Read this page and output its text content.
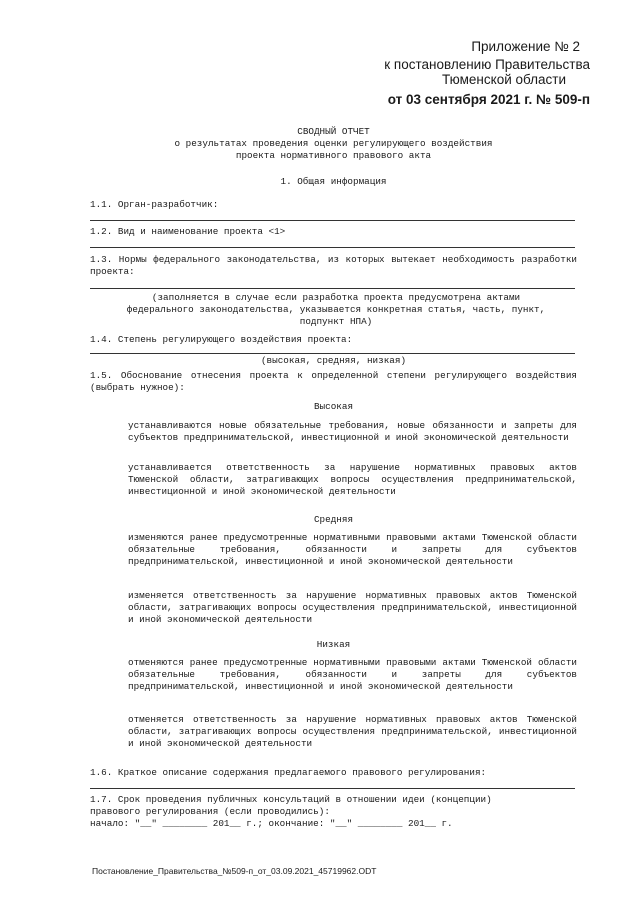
Приложение № 2
к постановлению Правительства
Тюменской области
от 03 сентября 2021 г. № 509-п
СВОДНЫЙ ОТЧЕТ
о результатах проведения оценки регулирующего воздействия
проекта нормативного правового акта
1. Общая информация
1.1. Орган-разработчик:
1.2. Вид и наименование проекта <1>
1.3. Нормы федерального законодательства, из которых вытекает необходимость разработки проекта:
(заполняется в случае если разработка проекта предусмотрена актами федерального законодательства, указывается конкретная статья, часть, пункт, подпункт НПА)
1.4. Степень регулирующего воздействия проекта:
(высокая, средняя, низкая)
1.5. Обоснование отнесения проекта к определенной степени регулирующего воздействия (выбрать нужное):
Высокая
устанавливаются новые обязательные требования, новые обязанности и запреты для субъектов предпринимательской, инвестиционной и иной экономической деятельности
устанавливается ответственность за нарушение нормативных правовых актов Тюменской области, затрагивающих вопросы осуществления предпринимательской, инвестиционной и иной экономической деятельности
Средняя
изменяются ранее предусмотренные нормативными правовыми актами Тюменской области обязательные требования, обязанности и запреты для субъектов предпринимательской, инвестиционной и иной экономической деятельности
изменяется ответственность за нарушение нормативных правовых актов Тюменской области, затрагивающих вопросы осуществления предпринимательской, инвестиционной и иной экономической деятельности
Низкая
отменяются ранее предусмотренные нормативными правовыми актами Тюменской области обязательные требования, обязанности и запреты для субъектов предпринимательской, инвестиционной и иной экономической деятельности
отменяется ответственность за нарушение нормативных правовых актов Тюменской области, затрагивающих вопросы осуществления предпринимательской, инвестиционной и иной экономической деятельности
1.6. Краткое описание содержания предлагаемого правового регулирования:
1.7. Срок проведения публичных консультаций в отношении идеи (концепции)
правового регулирования (если проводились):
начало: "__" ________ 201__ г.; окончание: "__" ________ 201__ г.
Постановление_Правительства_№509-п_от_03.09.2021_45719962.ODT
